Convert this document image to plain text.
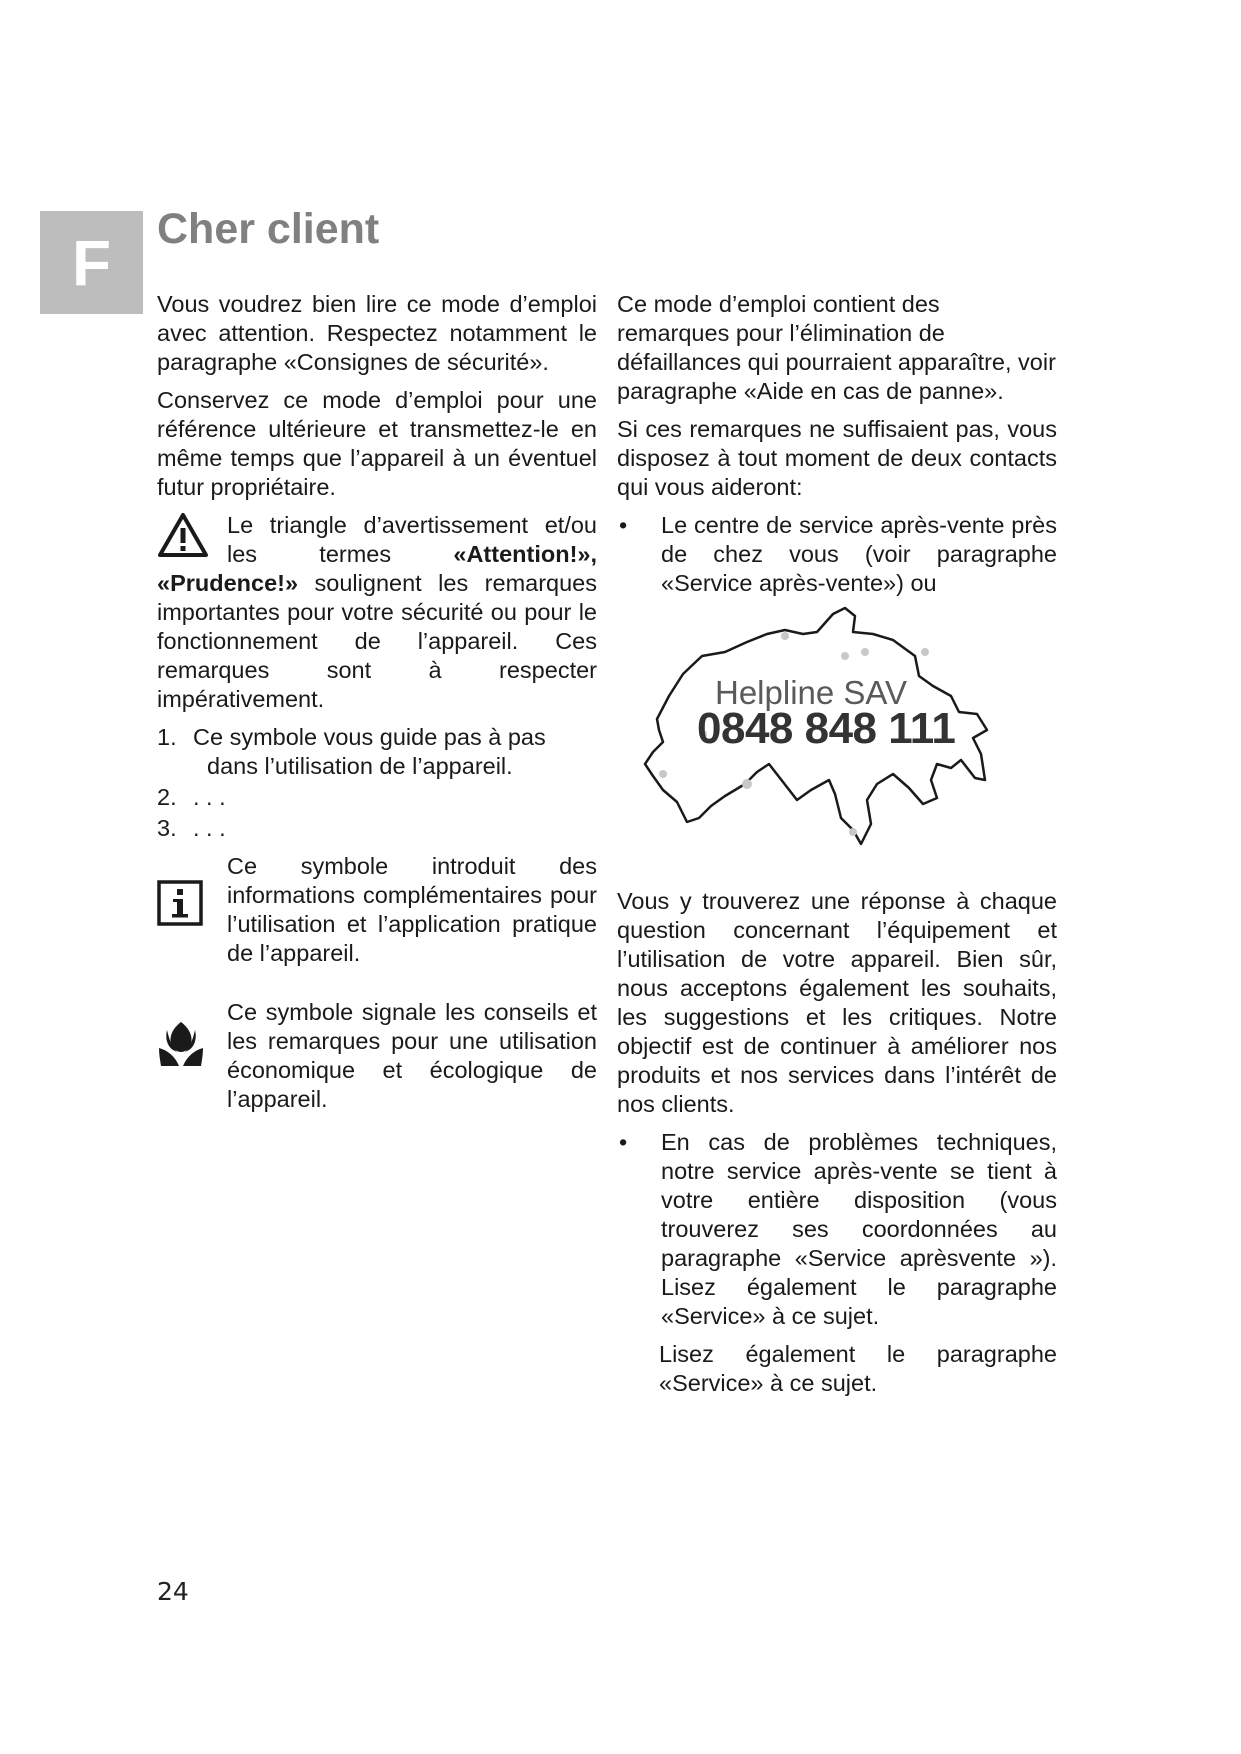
F	Cher client

Vous voudrez bien lire ce mode d’emploi avec attention. Respectez notamment le paragraphe «Consignes de sécurité».

Conservez ce mode d’emploi pour une référence ultérieure et transmettez-le en même temps que l’appareil à un éventuel futur propriétaire.

Le triangle d’avertissement et/ou les termes «Attention!», «Prudence!» soulignent les remarques importantes pour votre sécurité ou pour le fonctionnement de l’appareil. Ces remarques sont à respecter impérativement.
1. Ce symbole vous guide pas à pas
dans l’utilisation de l’appareil.
2. . . .
3. . . .
Ce symbole introduit des informations complémentaires pour l’utilisation et l’application pratique de l’appareil.
Ce symbole signale les conseils et les remarques pour une utilisation économique et écologique de l’appareil.

Ce mode d’emploi contient des remarques pour l’élimination de défaillances qui pourraient apparaître, voir paragraphe «Aide en cas de panne».

Si ces remarques ne suffisaient pas, vous disposez à tout moment de deux contacts qui vous aideront:

•	Le centre de service après-vente près de chez vous (voir paragraphe «Service après-vente») ou
Helpline SAV
0848 848 111

Vous y trouverez une réponse à chaque question concernant l’équipement et l’utilisation de votre appareil. Bien sûr, nous acceptons également les souhaits, les suggestions et les critiques. Notre objectif est de continuer à améliorer nos produits et nos services dans l’intérêt de nos clients.

•	En cas de problèmes techniques, notre service après-vente se tient à votre entière disposition (vous trouverez ses coordonnées au paragraphe «Service aprèsvente »). Lisez également le paragraphe «Service» à ce sujet.

Lisez également le paragraphe «Service» à ce sujet.

24
